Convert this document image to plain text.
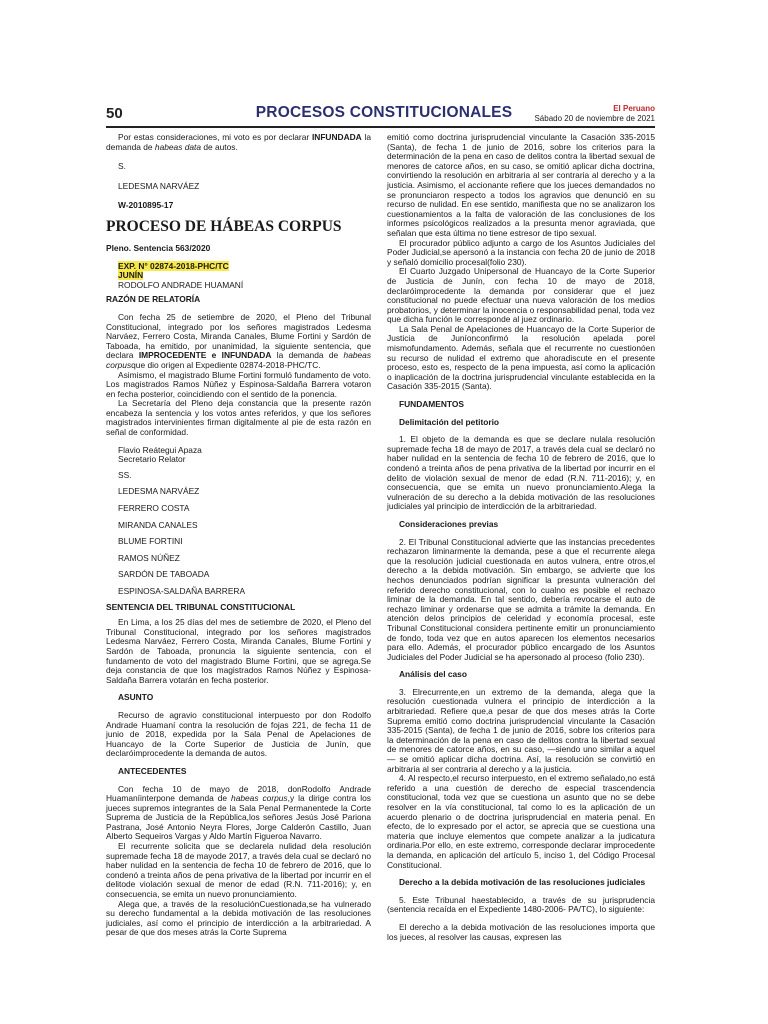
50	PROCESOS CONSTITUCIONALES	El Peruano
Sábado 20 de noviembre de 2021

Por estas consideraciones, mi voto es por declarar INFUNDADA la demanda de habeas data de autos.

S.

LEDESMA NARVÁEZ

W-2010895-17

PROCESO DE HÁBEAS CORPUS

Pleno. Sentencia 563/2020

EXP. N° 02874-2018-PHC/TC

JUNÍN

RODOLFO ANDRADE HUAMANÍ

RAZÓN DE RELATORÍA

Con fecha 25 de setiembre de 2020, el Pleno del Tribunal Constitucional, integrado por los señores magistrados Ledesma Narváez, Ferrero Costa, Miranda Canales, Blume Fortini y Sardón de Taboada, ha emitido, por unanimidad, la siguiente sentencia, que declara IMPROCEDENTE e INFUNDADA la demanda de habeas corpusque dio origen al Expediente 02874-2018-PHC/TC.

Asimismo, el magistrado Blume Fortini formuló fundamento de voto. Los magistrados Ramos Núñez y Espinosa-Saldaña Barrera votaron en fecha posterior, coincidiendo con el sentido de la ponencia.

La Secretaría del Pleno deja constancia que la presente razón encabeza la sentencia y los votos antes referidos, y que los señores magistrados intervinientes firman digitalmente al pie de esta razón en señal de conformidad.

Flavio Reátegui Apaza

Secretario Relator

SS.

LEDESMA NARVÁEZ

FERRERO COSTA

MIRANDA CANALES

BLUME FORTINI

RAMOS NÚÑEZ

SARDÓN DE TABOADA

ESPINOSA-SALDAÑA BARRERA

SENTENCIA DEL TRIBUNAL CONSTITUCIONAL

En Lima, a los 25 días del mes de setiembre de 2020, el Pleno del Tribunal Constitucional, integrado por los señores magistrados Ledesma Narváez, Ferrero Costa, Miranda Canales, Blume Fortini y Sardón de Taboada, pronuncia la siguiente sentencia, con el fundamento de voto del magistrado Blume Fortini, que se agrega.Se deja constancia de que los magistrados Ramos Núñez y Espinosa-Saldaña Barrera votarán en fecha posterior.

ASUNTO

Recurso de agravio constitucional interpuesto por don Rodolfo Andrade Huamaní contra la resolución de fojas 221, de fecha 11 de junio de 2018, expedida por la Sala Penal de Apelaciones de Huancayo de la Corte Superior de Justicia de Junín, que declaróimprocedente la demanda de autos.

ANTECEDENTES

Con fecha 10 de mayo de 2018, donRodolfo Andrade Huamaníinterpone demanda de habeas corpus,y la dirige contra los jueces supremos integrantes de la Sala Penal Permanentede la Corte Suprema de Justicia de la República,los señores Jesús José Pariona Pastrana, José Antonio Neyra Flores, Jorge Calderón Castillo, Juan Alberto Sequeiros Vargas y Aldo Martín Figueroa Navarro.

El recurrente solicita que se declarela nulidad dela resolución supremade fecha 18 de mayode 2017, a través dela cual se declaró no haber nulidad en la sentencia de fecha 10 de febrero de 2016, que lo condenó a treinta años de pena privativa de la libertad por incurrir en el delitode violación sexual de menor de edad (R.N. 711-2016); y, en consecuencia, se emita un nuevo pronunciamiento.

Alega que, a través de la resoluciónCuestionada,se ha vulnerado su derecho fundamental a la debida motivación de las resoluciones judiciales, así como el principio de interdicción a la arbitrariedad. A pesar de que dos meses atrás la Corte Suprema

emitió como doctrina jurisprudencial vinculante la Casación 335-2015 (Santa), de fecha 1 de junio de 2016, sobre los criterios para la determinación de la pena en caso de delitos contra la libertad sexual de menores de catorce años, en su caso, se omitió aplicar dicha doctrina, convirtiendo la resolución en arbitraria al ser contraria al derecho y a la justicia. Asimismo, el accionante refiere que los jueces demandados no se pronunciaron respecto a todos los agravios que denunció en su recurso de nulidad. En ese sentido, manifiesta que no se analizaron los cuestionamientos a la falta de valoración de las conclusiones de los informes psicológicos realizados a la presunta menor agraviada, que señalan que esta última no tiene estresor de tipo sexual.

El procurador público adjunto a cargo de los Asuntos Judiciales del Poder Judicial,se apersonó a la instancia con fecha 20 de junio de 2018 y señaló domicilio procesal(folio 230).

El Cuarto Juzgado Unipersonal de Huancayo de la Corte Superior de Justicia de Junín, con fecha 10 de mayo de 2018, declaróimprocedente la demanda por considerar que el juez constitucional no puede efectuar una nueva valoración de los medios probatorios, y determinar la inocencia o responsabilidad penal, toda vez que dicha función le corresponde al juez ordinario.

La Sala Penal de Apelaciones de Huancayo de la Corte Superior de Justicia de Juníonconfirmó la resolución apelada porel mismofundamento. Además, señala que el recurrente no cuestionóen su recurso de nulidad el extremo que ahoradiscute en el presente proceso, esto es, respecto de la pena impuesta, así como la aplicación o inaplicación de la doctrina jurisprudencial vinculante establecida en la Casación 335-2015 (Santa).

FUNDAMENTOS

Delimitación del petitorio

1. El objeto de la demanda es que se declare nulala resolución supremade fecha 18 de mayo de 2017, a través dela cual se declaró no haber nulidad en la sentencia de fecha 10 de febrero de 2016, que lo condenó a treinta años de pena privativa de la libertad por incurrir en el delito de violación sexual de menor de edad (R.N. 711-2016); y, en consecuencia, que se emita un nuevo pronunciamiento.Alega la vulneración de su derecho a la debida motivación de las resoluciones judiciales yal principio de interdicción de la arbitrariedad.

Consideraciones previas

2. El Tribunal Constitucional advierte que las instancias precedentes rechazaron liminarmente la demanda, pese a que el recurrente alega que la resolución judicial cuestionada en autos vulnera, entre otros,el derecho a la debida motivación. Sin embargo, se advierte que los hechos denunciados podrían significar la presunta vulneración del referido derecho constitucional, con lo cualno es posible el rechazo liminar de la demanda. En tal sentido, debería revocarse el auto de rechazo liminar y ordenarse que se admita a trámite la demanda. En atención delos principios de celeridad y economía procesal, este Tribunal Constitucional considera pertinente emitir un pronunciamiento de fondo, toda vez que en autos aparecen los elementos necesarios para ello. Además, el procurador público encargado de los Asuntos Judiciales del Poder Judicial se ha apersonado al proceso (folio 230).

Análisis del caso

3. Elrecurrente,en un extremo de la demanda, alega que la resolución cuestionada vulnera el principio de interdicción a la arbitrariedad. Refiere que,a pesar de que dos meses atrás la Corte Suprema emitió como doctrina jurisprudencial vinculante la Casación 335-2015 (Santa), de fecha 1 de junio de 2016, sobre los criterios para la determinación de la pena en caso de delitos contra la libertad sexual de menores de catorce años, en su caso, —siendo uno similar a aquel— se omitió aplicar dicha doctrina. Así, la resolución se convirtió en arbitraria al ser contraria al derecho y a la justicia.

4. Al respecto,el recurso interpuesto, en el extremo señalado,no está referido a una cuestión de derecho de especial trascendencia constitucional, toda vez que se cuestiona un asunto que no se debe resolver en la vía constitucional, tal como lo es la aplicación de un acuerdo plenario o de doctrina jurisprudencial en materia penal. En efecto, de lo expresado por el actor, se aprecia que se cuestiona una materia que incluye elementos que compete analizar a la judicatura ordinaria.Por ello, en este extremo, corresponde declarar improcedente la demanda, en aplicación del artículo 5, inciso 1, del Código Procesal Constitucional.

Derecho a la debida motivación de las resoluciones judiciales

5. Este Tribunal haestablecido, a través de su jurisprudencia (sentencia recaída en el Expediente 1480-2006- PA/TC), lo siguiente:

El derecho a la debida motivación de las resoluciones importa que los jueces, al resolver las causas, expresen las
